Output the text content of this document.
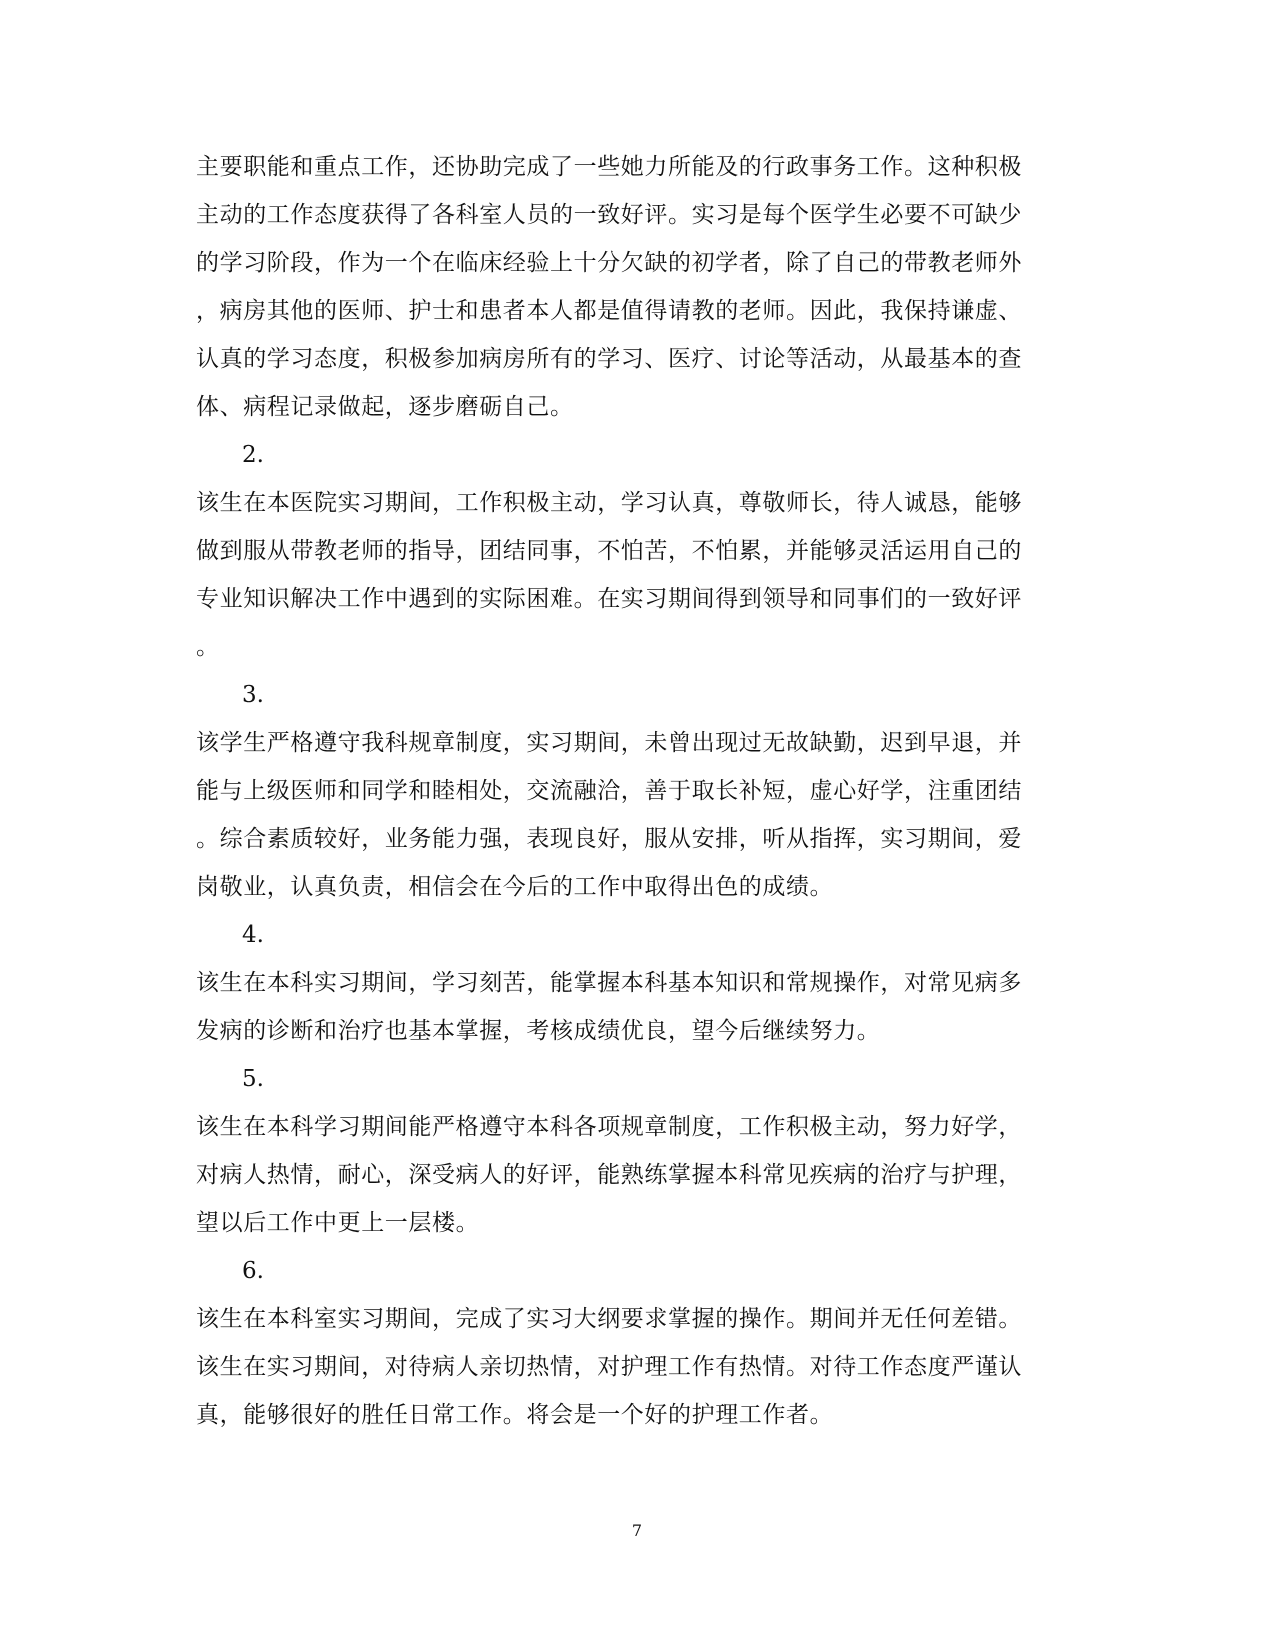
主要职能和重点工作，还协助完成了一些她力所能及的行政事务工作。这种积极
主动的工作态度获得了各科室人员的一致好评。实习是每个医学生必要不可缺少
的学习阶段，作为一个在临床经验上十分欠缺的初学者，除了自己的带教老师外
，病房其他的医师、护士和患者本人都是值得请教的老师。因此，我保持谦虚、
认真的学习态度，积极参加病房所有的学习、医疗、讨论等活动，从最基本的查
体、病程记录做起，逐步磨砺自己。
2.
该生在本医院实习期间，工作积极主动，学习认真，尊敬师长，待人诚恳，能够
做到服从带教老师的指导，团结同事，不怕苦，不怕累，并能够灵活运用自己的
专业知识解决工作中遇到的实际困难。在实习期间得到领导和同事们的一致好评
。
3.
该学生严格遵守我科规章制度，实习期间，未曾出现过无故缺勤，迟到早退，并
能与上级医师和同学和睦相处，交流融洽，善于取长补短，虚心好学，注重团结
。综合素质较好，业务能力强，表现良好，服从安排，听从指挥，实习期间，爱
岗敬业，认真负责，相信会在今后的工作中取得出色的成绩。
4.
该生在本科实习期间，学习刻苦，能掌握本科基本知识和常规操作，对常见病多
发病的诊断和治疗也基本掌握，考核成绩优良，望今后继续努力。
5.
该生在本科学习期间能严格遵守本科各项规章制度，工作积极主动，努力好学，
对病人热情，耐心，深受病人的好评，能熟练掌握本科常见疾病的治疗与护理，
望以后工作中更上一层楼。
6.
该生在本科室实习期间，完成了实习大纲要求掌握的操作。期间并无任何差错。
该生在实习期间，对待病人亲切热情，对护理工作有热情。对待工作态度严谨认
真，能够很好的胜任日常工作。将会是一个好的护理工作者。
7
